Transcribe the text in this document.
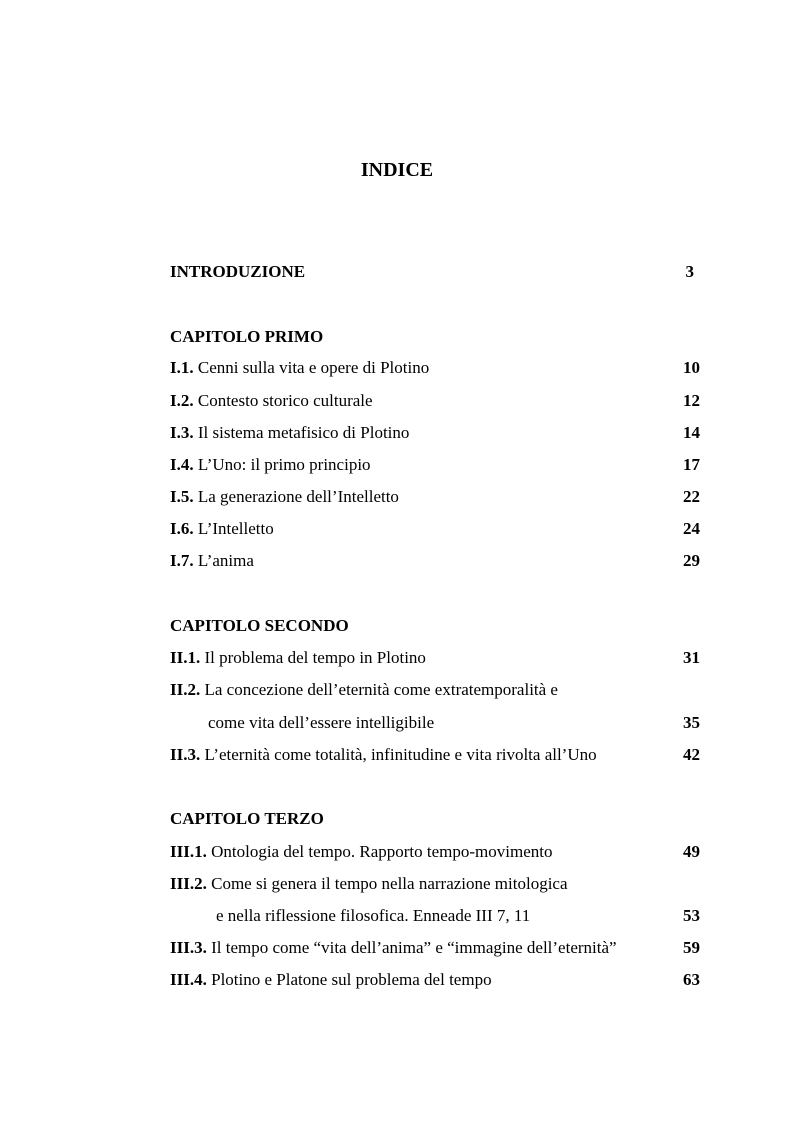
INDICE
INTRODUZIONE	3
CAPITOLO PRIMO
I.1. Cenni sulla vita e opere di Plotino	10
I.2. Contesto storico culturale	12
I.3. Il sistema metafisico di Plotino	14
I.4. L’Uno: il primo principio	17
I.5. La generazione dell’Intelletto	22
I.6. L’Intelletto	24
I.7. L’anima	29
CAPITOLO SECONDO
II.1. Il problema del tempo in Plotino	31
II.2. La concezione dell’eternità come extratemporalità e
come vita dell’essere intelligibile	35
II.3. L’eternità come totalità, infinitudine e vita rivolta all’Uno	42
CAPITOLO TERZO
III.1. Ontologia del tempo. Rapporto tempo-movimento	49
III.2. Come si genera il tempo nella narrazione mitologica
e nella riflessione filosofica. Enneade III 7, 11	53
III.3. Il tempo come “vita dell’anima” e “immagine dell’eternità”	59
III.4. Plotino e Platone sul problema del tempo	63
